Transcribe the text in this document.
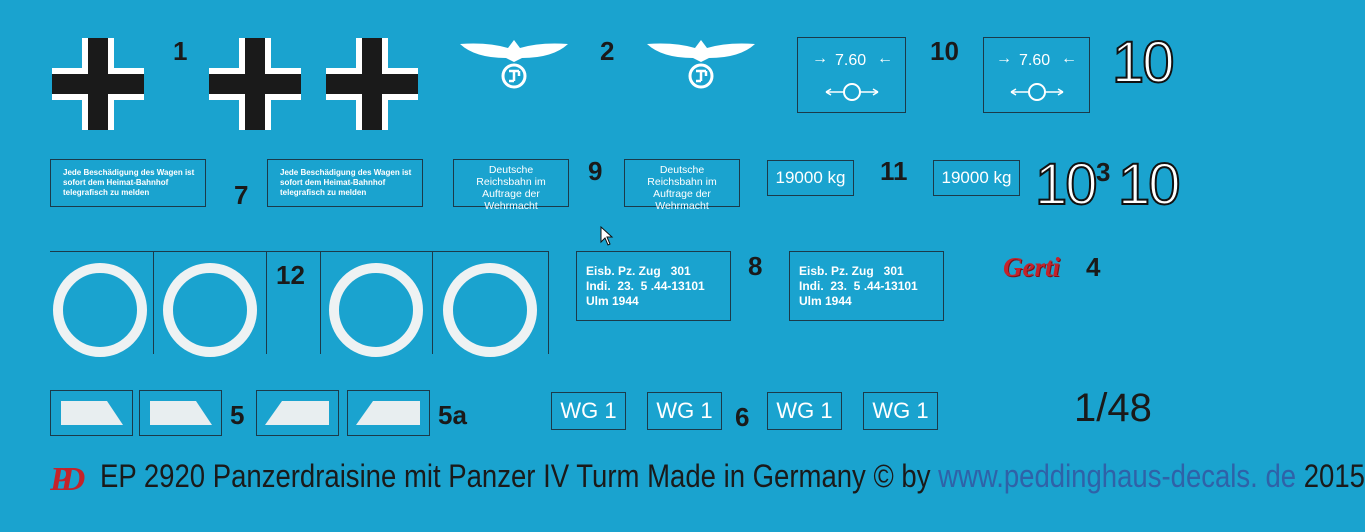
1	2	→ 7.60 ←	→ 7.60 ←
10	10
Jede Beschädigung des Wagen ist sofort dem Heimat-Bahnhof telegrafisch zu melden	7
Jede Beschädigung des Wagen ist sofort dem Heimat-Bahnhof telegrafisch zu melden
Deutsche Reichsbahn im Auftrage der Wehrmacht
9	Deutsche Reichsbahn im Auftrage der Wehrmacht
19000 kg	11	19000 kg 10 3 10
12	Eisb. Pz. Zug   301
Indi.  23.  5 .44-13101
Ulm 1944
8	Eisb. Pz. Zug   301
Indi.  23.  5 .44-13101
Ulm 1944
Gerti 4
5	5a	WG 1	WG 1 6	WG 1	WG 1	1/48
PD EP 2920 Panzerdraisine mit Panzer IV Turm Made in Germany © by www.peddinghaus-decals. de 2015
